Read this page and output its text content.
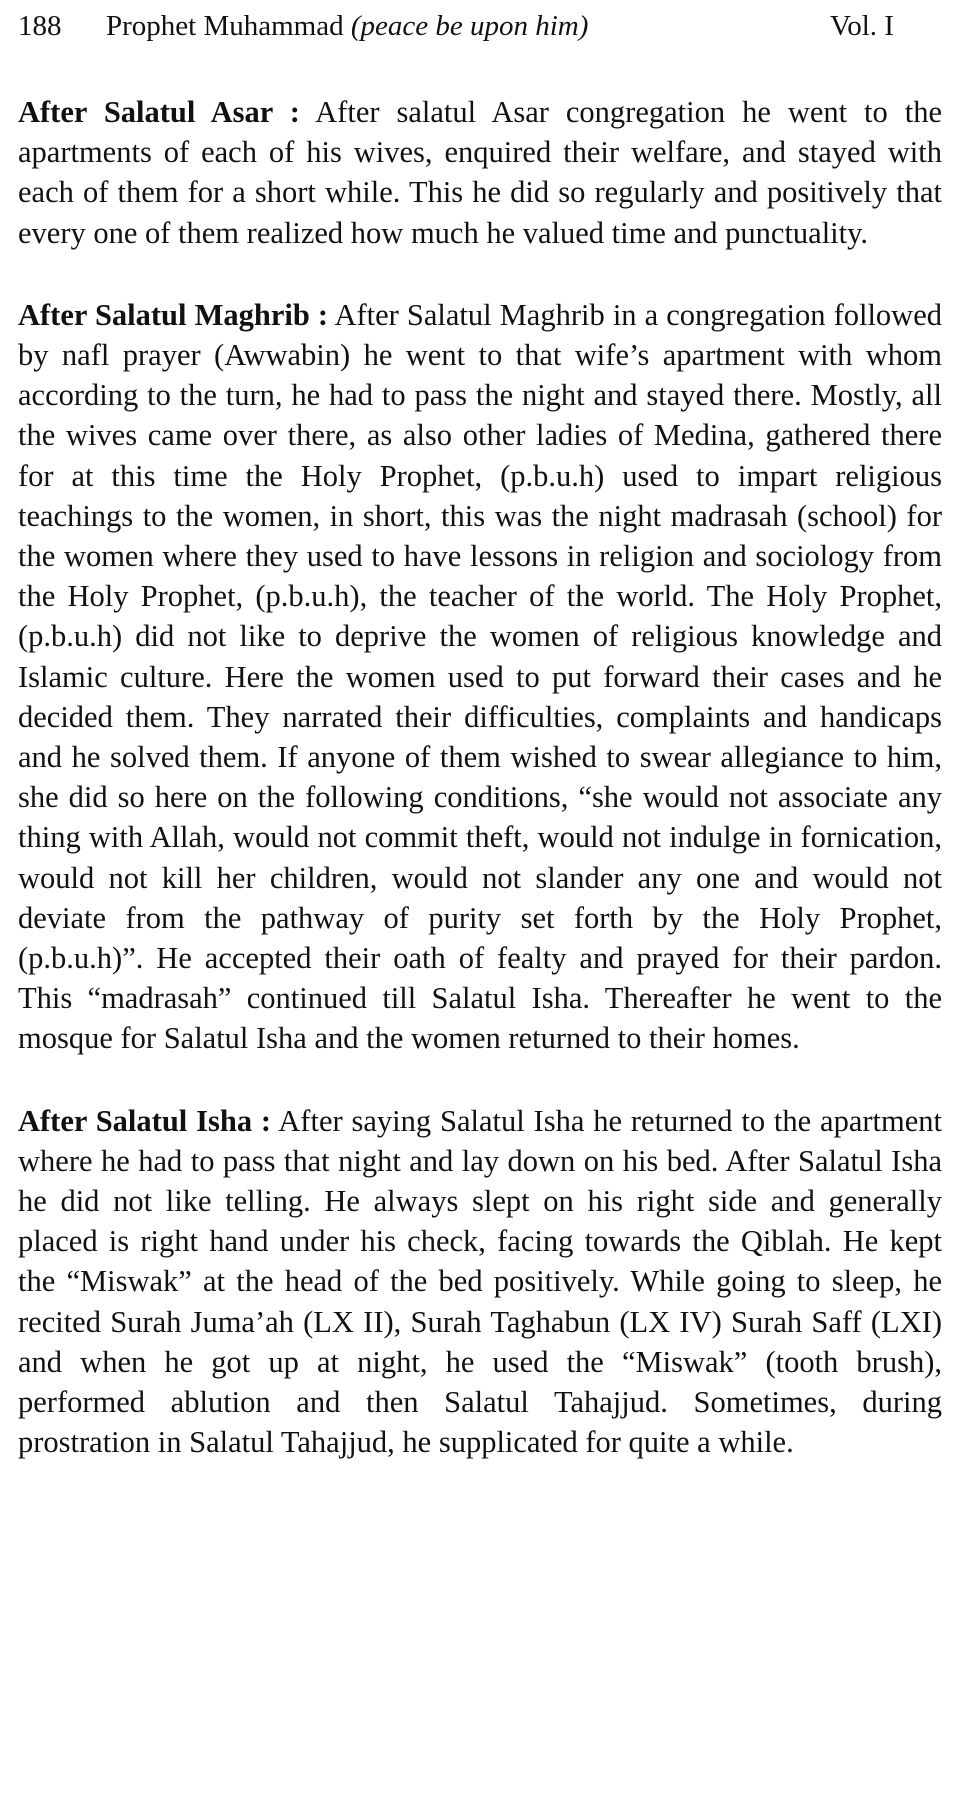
188	Prophet Muhammad (peace be upon him)	Vol. I

After Salatul Asar : After salatul Asar congregation he went to the apartments of each of his wives, enquired their welfare, and stayed with each of them for a short while. This he did so regularly and positively that every one of them realized how much he valued time and punctuality.

After Salatul Maghrib : After Salatul Maghrib in a congregation followed by nafl prayer (Awwabin) he went to that wife’s apartment with whom according to the turn, he had to pass the night and stayed there. Mostly, all the wives came over there, as also other ladies of Medina, gathered there for at this time the Holy Prophet, (p.b.u.h) used to impart religious teachings to the women, in short, this was the night madrasah (school) for the women where they used to have lessons in religion and sociology from the Holy Prophet, (p.b.u.h), the teacher of the world. The Holy Prophet, (p.b.u.h) did not like to deprive the women of religious knowledge and Islamic culture. Here the women used to put forward their cases and he decided them. They narrated their difficulties, complaints and handicaps and he solved them. If anyone of them wished to swear allegiance to him, she did so here on the following conditions, “she would not associate any thing with Allah, would not commit theft, would not indulge in fornication, would not kill her children, would not slander any one and would not deviate from the pathway of purity set forth by the Holy Prophet, (p.b.u.h)”. He accepted their oath of fealty and prayed for their pardon. This “madrasah” continued till Salatul Isha. Thereafter he went to the mosque for Salatul Isha and the women returned to their homes.

After Salatul Isha : After saying Salatul Isha he returned to the apartment where he had to pass that night and lay down on his bed. After Salatul Isha he did not like telling. He always slept on his right side and generally placed is right hand under his check, facing towards the Qiblah. He kept the “Miswak” at the head of the bed positively. While going to sleep, he recited Surah Juma’ah (LX II), Surah Taghabun (LX IV) Surah Saff (LXI) and when he got up at night, he used the “Miswak” (tooth brush), performed ablution and then Salatul Tahajjud. Sometimes, during prostration in Salatul Tahajjud, he supplicated for quite a while.
